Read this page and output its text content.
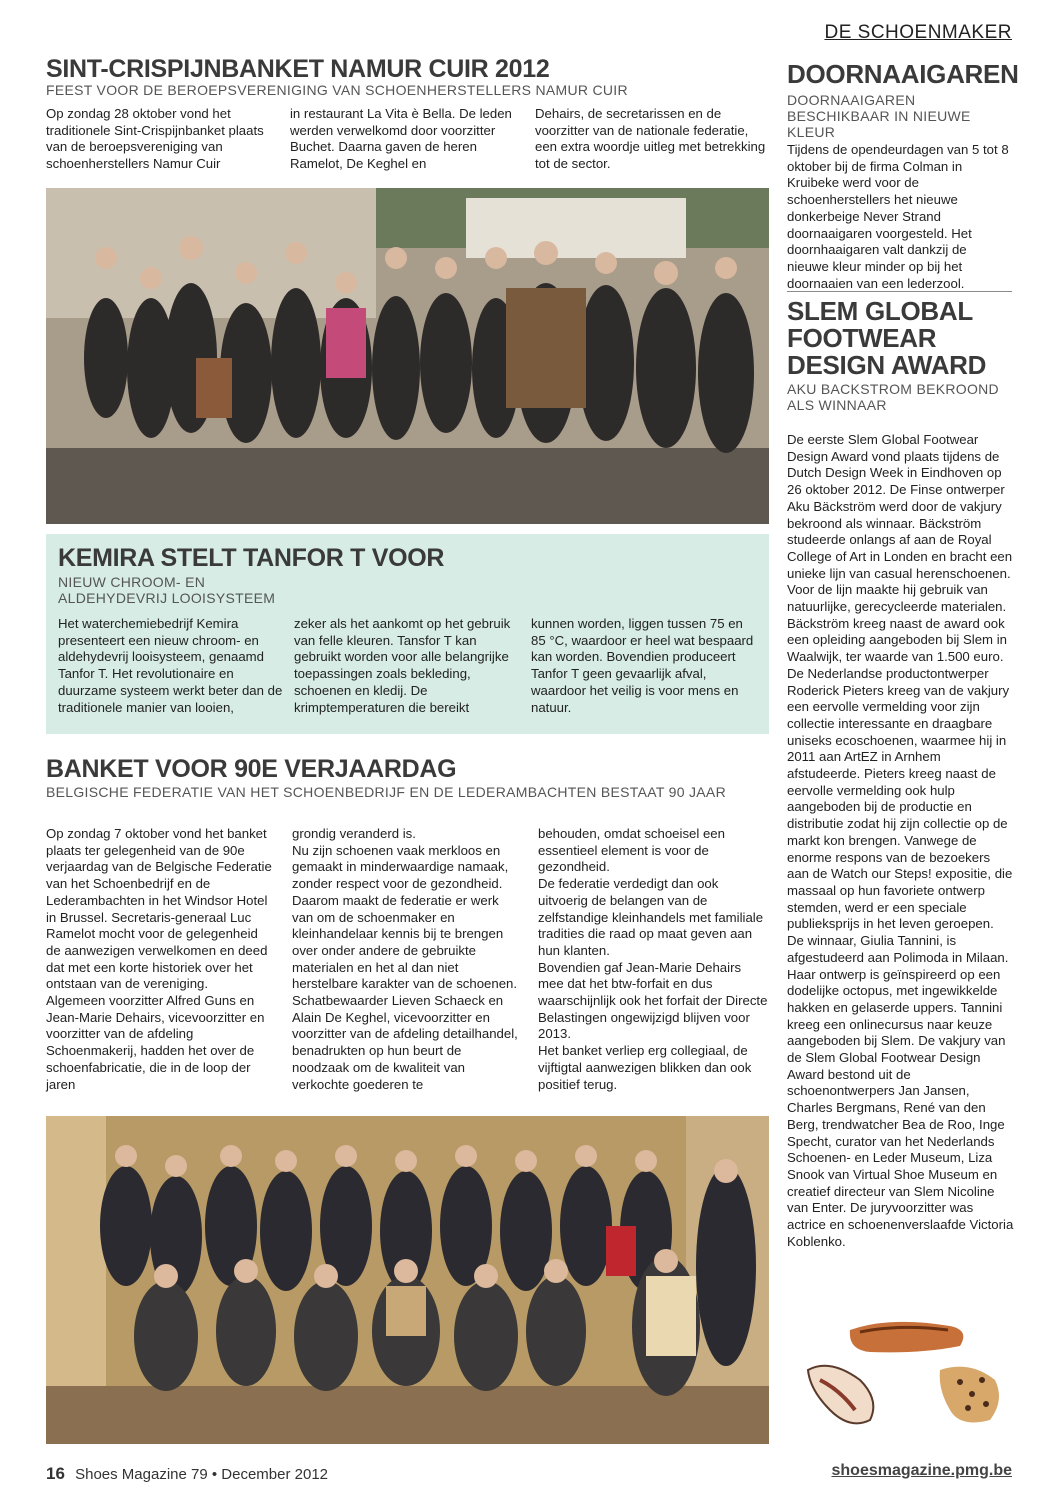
DE SCHOENMAKER
SINT-CRISPIJNBANKET NAMUR CUIR 2012
FEEST VOOR DE BEROEPSVERENIGING VAN SCHOENHERSTELLERS NAMUR CUIR

Op zondag 28 oktober vond het traditionele Sint-Crispijnbanket plaats van de beroepsvereniging van schoenherstellers Namur Cuir

in restaurant La Vita è Bella. De leden werden verwelkomd door voorzitter Buchet. Daarna gaven de heren Ramelot, De Keghel en

Dehairs, de secretarissen en de voorzitter van de nationale federatie, een extra woordje uitleg met betrekking tot de sector.

KEMIRA STELT TANFOR T VOOR
NIEUW CHROOM- EN ALDEHYDEVRIJ LOOISYSTEEM

Het waterchemiebedrijf Kemira presenteert een nieuw chroom- en aldehydevrij looisysteem, genaamd Tanfor T. Het revolutionaire en duurzame systeem werkt beter dan de traditionele manier van looien,

zeker als het aankomt op het gebruik van felle kleuren. Tansfor T kan gebruikt worden voor alle belangrijke toepassingen zoals bekleding, schoenen en kledij. De krimptemperaturen die bereikt

kunnen worden, liggen tussen 75 en 85 °C, waardoor er heel wat bespaard kan worden. Bovendien produceert Tanfor T geen gevaarlijk afval, waardoor het veilig is voor mens en natuur.

BANKET VOOR 90E VERJAARDAG
BELGISCHE FEDERATIE VAN HET SCHOENBEDRIJF EN DE LEDERAMBACHTEN BESTAAT 90 JAAR

Op zondag 7 oktober vond het banket plaats ter gelegenheid van de 90e verjaardag van de Belgische Federatie van het Schoenbedrijf en de Lederambachten in het Windsor Hotel in Brussel. Secretaris-generaal Luc Ramelot mocht voor de gelegenheid de aanwezigen verwelkomen en deed dat met een korte historiek over het ontstaan van de vereniging.
Algemeen voorzitter Alfred Guns en Jean-Marie Dehairs, vicevoorzitter en voorzitter van de afdeling Schoenmakerij, hadden het over de schoenfabricatie, die in de loop der jaren

grondig veranderd is.
Nu zijn schoenen vaak merkloos en gemaakt in minderwaardige namaak, zonder respect voor de gezondheid. Daarom maakt de federatie er werk van om de schoenmaker en kleinhandelaar kennis bij te brengen over onder andere de gebruikte materialen en het al dan niet herstelbare karakter van de schoenen. Schatbewaarder Lieven Schaeck en Alain De Keghel, vicevoorzitter en voorzitter van de afdeling detailhandel, benadrukten op hun beurt de noodzaak om de kwaliteit van verkochte goederen te

behouden, omdat schoeisel een essentieel element is voor de gezondheid.
De federatie verdedigt dan ook uitvoerig de belangen van de zelfstandige kleinhandels met familiale tradities die raad op maat geven aan hun klanten.
Bovendien gaf Jean-Marie Dehairs mee dat het btw-forfait en dus waarschijnlijk ook het forfait der Directe Belastingen ongewijzigd blijven voor 2013.
Het banket verliep erg collegiaal, de vijftigtal aanwezigen blikken dan ook positief terug.

DOORNAAIGAREN
DOORNAAIGAREN BESCHIKBAAR IN NIEUWE KLEUR

Tijdens de opendeurdagen van 5 tot 8 oktober bij de firma Colman in Kruibeke werd voor de schoenherstellers het nieuwe donkerbeige Never Strand doornaaigaren voorgesteld. Het doornhaaigaren valt dankzij de nieuwe kleur minder op bij het doornaaien van een lederzool.

SLEM GLOBAL FOOTWEAR DESIGN AWARD
AKU BACKSTROM BEKROOND ALS WINNAAR

De eerste Slem Global Footwear Design Award vond plaats tijdens de Dutch Design Week in Eindhoven op 26 oktober 2012. De Finse ontwerper Aku Bäckström werd door de vakjury bekroond als winnaar. Bäckström studeerde onlangs af aan de Royal College of Art in Londen en bracht een unieke lijn van casual herenschoenen. Voor de lijn maakte hij gebruik van natuurlijke, gerecycleerde materialen. Bäckström kreeg naast de award ook een opleiding aangeboden bij Slem in Waalwijk, ter waarde van 1.500 euro. De Nederlandse productontwerper Roderick Pieters kreeg van de vakjury een eervolle vermelding voor zijn collectie interessante en draagbare uniseks ecoschoenen, waarmee hij in 2011 aan ArtEZ in Arnhem afstudeerde. Pieters kreeg naast de eervolle vermelding ook hulp aangeboden bij de productie en distributie zodat hij zijn collectie op de markt kon brengen. Vanwege de enorme respons van de bezoekers aan de Watch our Steps! expositie, die massaal op hun favoriete ontwerp stemden, werd er een speciale publieksprijs in het leven geroepen. De winnaar, Giulia Tannini, is afgestudeerd aan Polimoda in Milaan. Haar ontwerp is geïnspireerd op een dodelijke octopus, met ingewikkelde hakken en gelaserde uppers. Tannini kreeg een onlinecursus naar keuze aangeboden bij Slem. De vakjury van de Slem Global Footwear Design Award bestond uit de schoenontwerpers Jan Jansen, Charles Bergmans, René van den Berg, trendwatcher Bea de Roo, Inge Specht, curator van het Nederlands Schoenen- en Leder Museum, Liza Snook van Virtual Shoe Museum en creatief directeur van Slem Nicoline van Enter. De juryvoorzitter was actrice en schoenenverslaafde Victoria Koblenko.

16 Shoes Magazine 79 • December 2012	shoesmagazine.pmg.be
